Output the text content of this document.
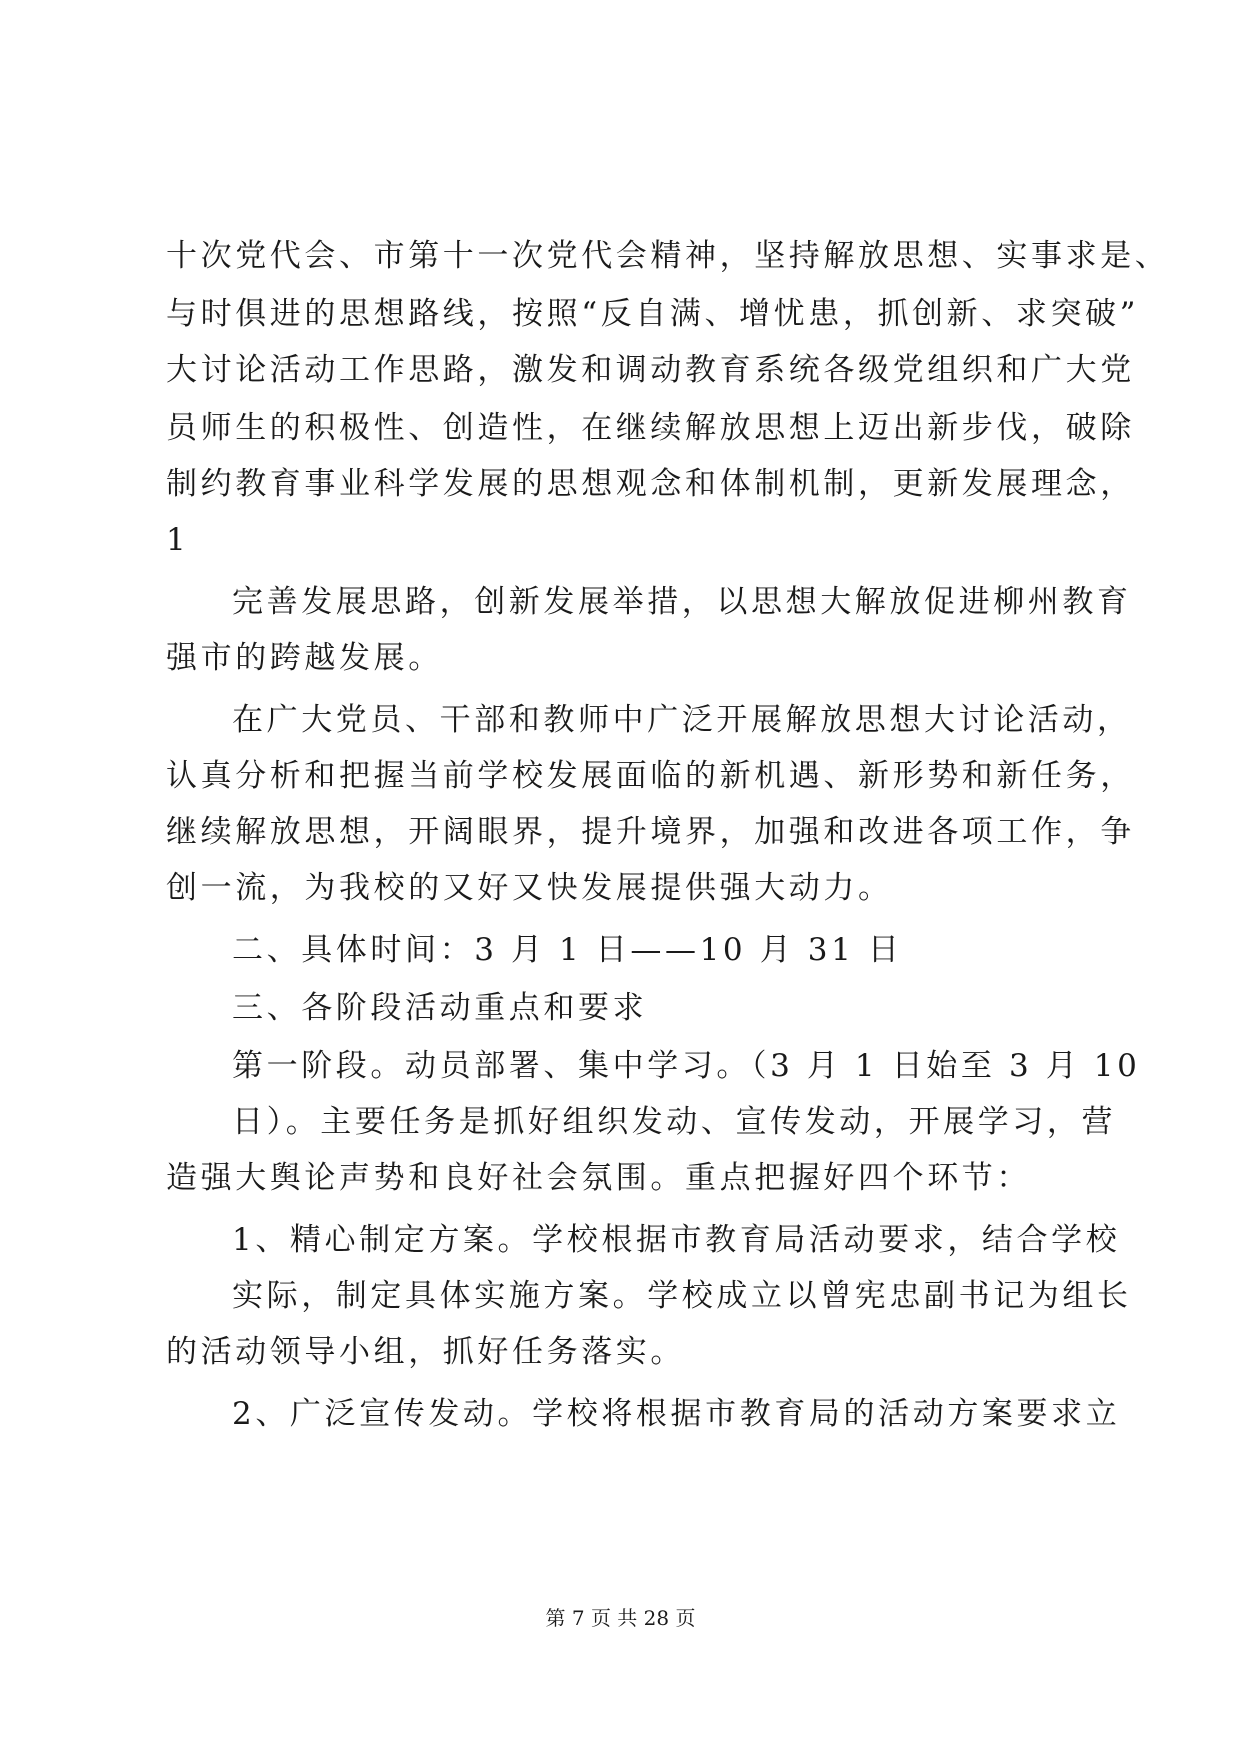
十次党代会、市第十一次党代会精神，坚持解放思想、实事求是、
与时俱进的思想路线，按照“反自满、增忧患，抓创新、求突破”
大讨论活动工作思路，激发和调动教育系统各级党组织和广大党
员师生的积极性、创造性，在继续解放思想上迈出新步伐，破除
制约教育事业科学发展的思想观念和体制机制，更新发展理念，
1
完善发展思路，创新发展举措，以思想大解放促进柳州教育
强市的跨越发展。
在广大党员、干部和教师中广泛开展解放思想大讨论活动，
认真分析和把握当前学校发展面临的新机遇、新形势和新任务，
继续解放思想，开阔眼界，提升境界，加强和改进各项工作，争
创一流，为我校的又好又快发展提供强大动力。
二、具体时间：3 月 1 日——10 月 31 日
三、各阶段活动重点和要求
第一阶段。动员部署、集中学习。（3 月 1 日始至 3 月 10
日）。主要任务是抓好组织发动、宣传发动，开展学习，营
造强大舆论声势和良好社会氛围。重点把握好四个环节：
1、精心制定方案。学校根据市教育局活动要求，结合学校
实际，制定具体实施方案。学校成立以曾宪忠副书记为组长
的活动领导小组，抓好任务落实。
2、广泛宣传发动。学校将根据市教育局的活动方案要求立
第 7 页 共 28 页
